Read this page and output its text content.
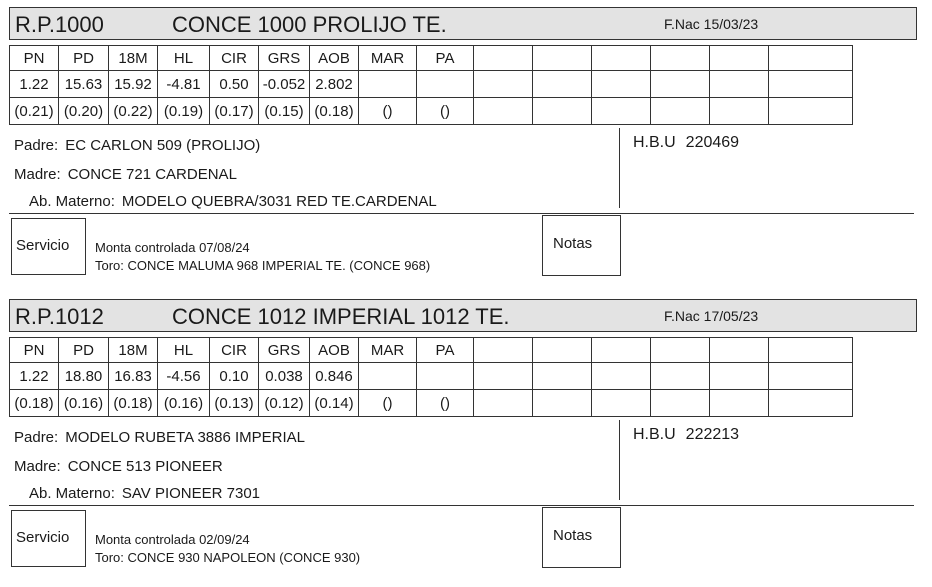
R.P.1000	CONCE 1000 PROLIJO TE.	F.Nac 15/03/23
PN	PD	18M	HL	CIR	GRS	AOB	MAR	PA						
1.22	15.63	15.92	-4.81	0.50	-0.052	2.802								
(0.21)	(0.20)	(0.22)	(0.19)	(0.17)	(0.15)	(0.18)	()	()						
Padre: EC CARLON 509 (PROLIJO)
Madre: CONCE 721 CARDENAL
Ab. Materno: MODELO QUEBRA/3031 RED TE.CARDENAL
H.B.U 220469
Servicio Monta controlada 07/08/24
Toro: CONCE MALUMA 968 IMPERIAL TE. (CONCE 968)
Notas
R.P.1012	CONCE 1012 IMPERIAL 1012 TE.	F.Nac 17/05/23
PN	PD	18M	HL	CIR	GRS	AOB	MAR	PA						
1.22	18.80	16.83	-4.56	0.10	0.038	0.846								
(0.18)	(0.16)	(0.18)	(0.16)	(0.13)	(0.12)	(0.14)	()	()						
Padre: MODELO RUBETA 3886 IMPERIAL
Madre: CONCE 513 PIONEER
Ab. Materno: SAV PIONEER 7301
H.B.U 222213
Servicio Monta controlada 02/09/24
Toro: CONCE 930 NAPOLEON (CONCE 930)
Notas
